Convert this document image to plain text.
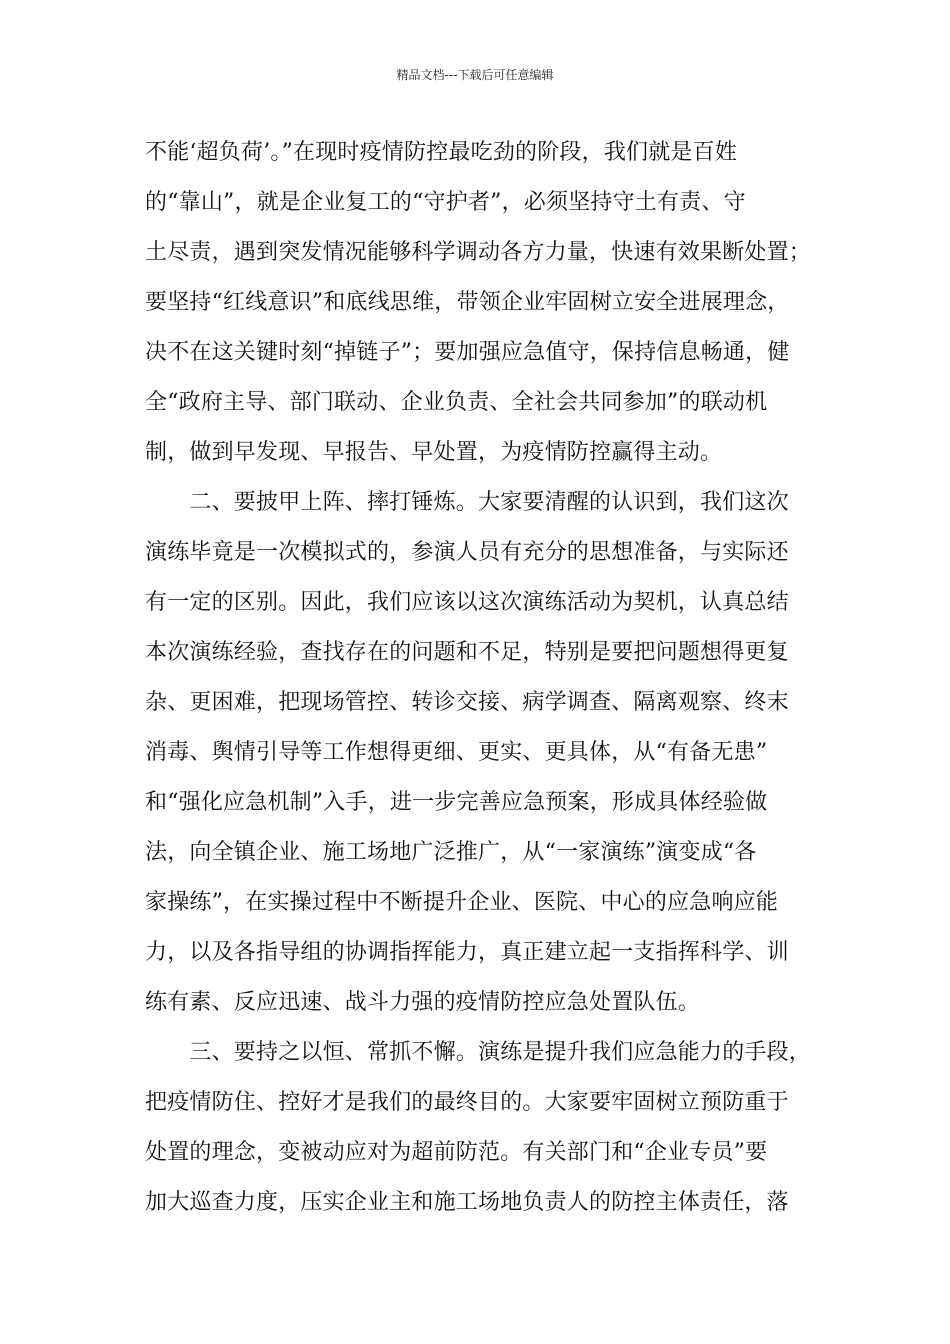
精品文档---下载后可任意编辑
不能‘超负荷’。”在现时疫情防控最吃劲的阶段，我们就是百姓
的“靠山”，就是企业复工的“守护者”，必须坚持守土有责、守
土尽责，遇到突发情况能够科学调动各方力量，快速有效果断处置；
要坚持“红线意识”和底线思维，带领企业牢固树立安全进展理念，
决不在这关键时刻“掉链子”；要加强应急值守，保持信息畅通，健
全“政府主导、部门联动、企业负责、全社会共同参加”的联动机
制，做到早发现、早报告、早处置，为疫情防控赢得主动。
　　二、要披甲上阵、摔打锤炼。大家要清醒的认识到，我们这次
演练毕竟是一次模拟式的，参演人员有充分的思想准备，与实际还
有一定的区别。因此，我们应该以这次演练活动为契机，认真总结
本次演练经验，查找存在的问题和不足，特别是要把问题想得更复
杂、更困难，把现场管控、转诊交接、病学调查、隔离观察、终末
消毒、舆情引导等工作想得更细、更实、更具体，从“有备无患”
和“强化应急机制”入手，进一步完善应急预案，形成具体经验做
法，向全镇企业、施工场地广泛推广，从“一家演练”演变成“各
家操练”，在实操过程中不断提升企业、医院、中心的应急响应能
力，以及各指导组的协调指挥能力，真正建立起一支指挥科学、训
练有素、反应迅速、战斗力强的疫情防控应急处置队伍。
　　三、要持之以恒、常抓不懈。演练是提升我们应急能力的手段，
把疫情防住、控好才是我们的最终目的。大家要牢固树立预防重于
处置的理念，变被动应对为超前防范。有关部门和“企业专员”要
加大巡查力度，压实企业主和施工场地负责人的防控主体责任，落
